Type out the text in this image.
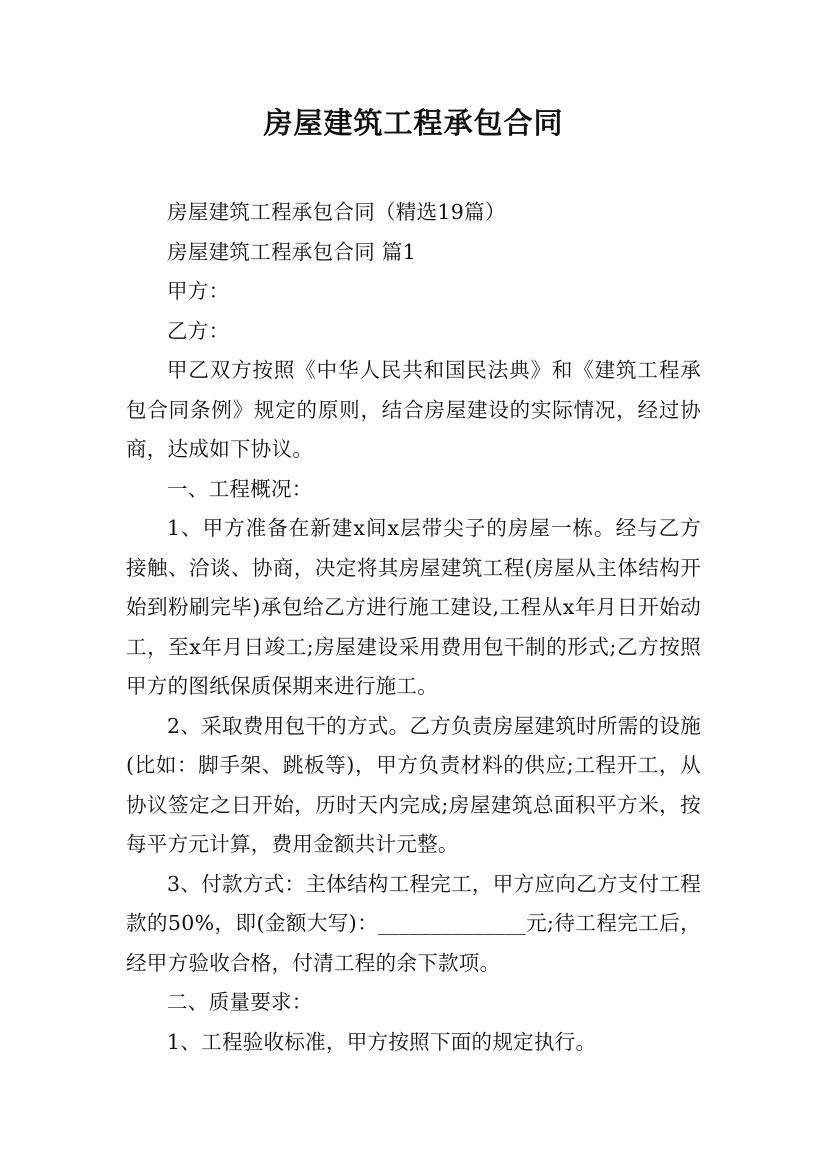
房屋建筑工程承包合同

房屋建筑工程承包合同（精选19篇）

房屋建筑工程承包合同 篇1

甲方：

乙方：

甲乙双方按照《中华人民共和国民法典》和《建筑工程承包合同条例》规定的原则，结合房屋建设的实际情况，经过协商，达成如下协议。

一、工程概况：

1、甲方准备在新建x间x层带尖子的房屋一栋。经与乙方接触、洽谈、协商，决定将其房屋建筑工程(房屋从主体结构开始到粉刷完毕)承包给乙方进行施工建设,工程从x年月日开始动工，至x年月日竣工;房屋建设采用费用包干制的形式;乙方按照甲方的图纸保质保期来进行施工。

2、采取费用包干的方式。乙方负责房屋建筑时所需的设施(比如：脚手架、跳板等)，甲方负责材料的供应;工程开工，从协议签定之日开始，历时天内完成;房屋建筑总面积平方米，按每平方元计算，费用金额共计元整。

3、付款方式：主体结构工程完工，甲方应向乙方支付工程款的50%，即(金额大写)：______________元;待工程完工后，经甲方验收合格，付清工程的余下款项。

二、质量要求：

1、工程验收标准，甲方按照下面的规定执行。
